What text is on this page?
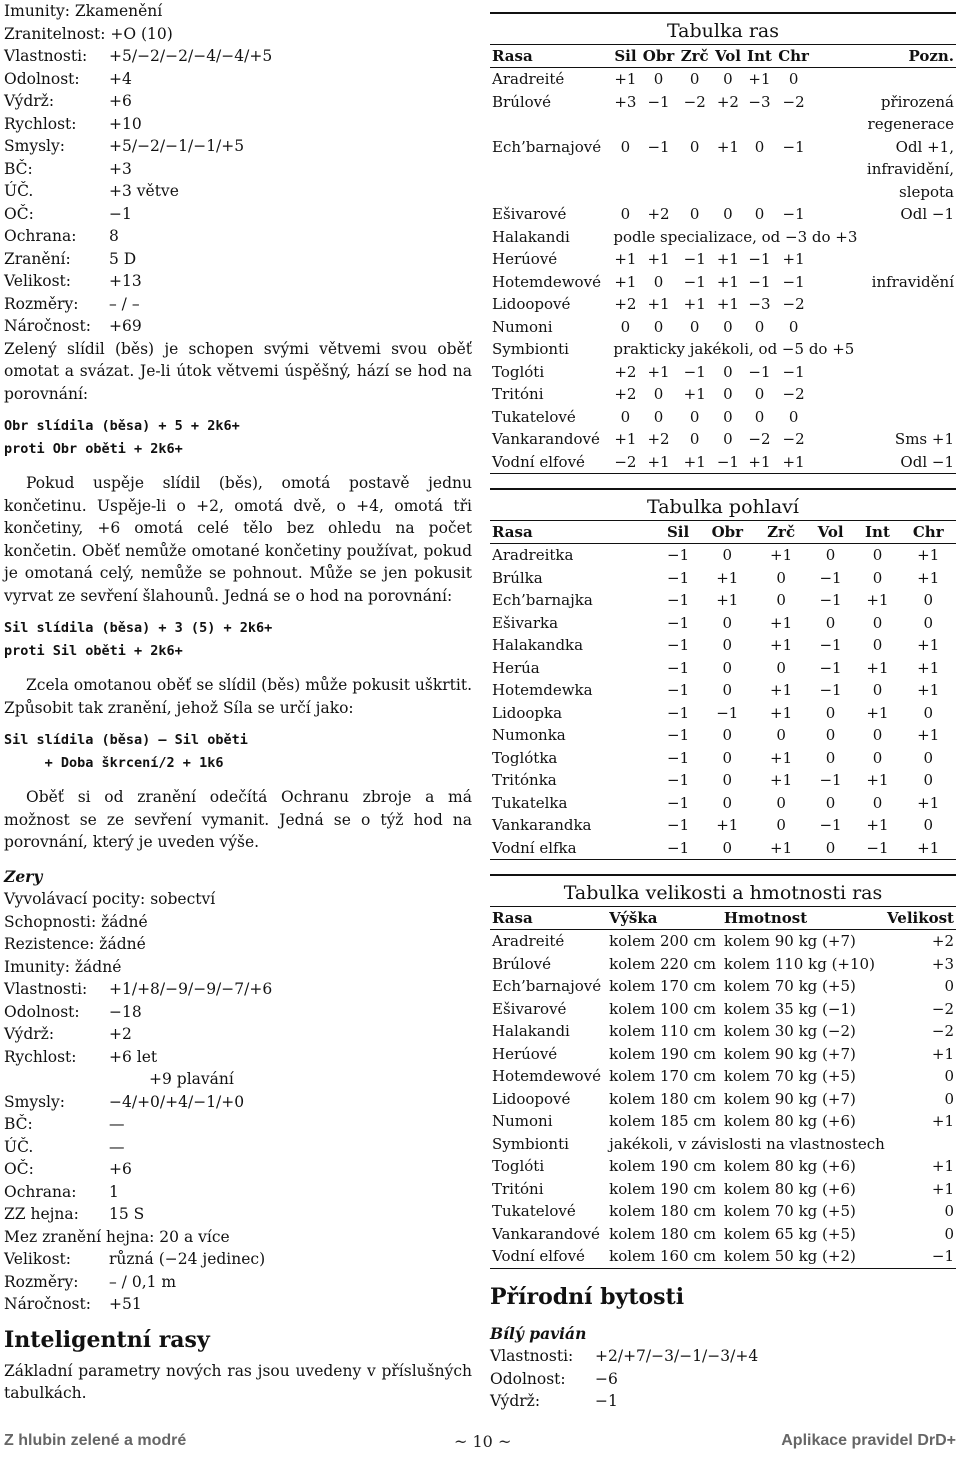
Imunity: Zkamenění
Zranitelnost: +O (10)
Vlastnosti:	+5/−2/−2/−4/−4/+5
Odolnost:	+4
Výdrž:	+6
Rychlost:	+10
Smysly:	+5/−2/−1/−1/+5
BČ:	+3
ÚČ.	+3 větve
OČ:	−1
Ochrana:	8
Zranění:	5 D
Velikost:	+13
Rozměry:	– / –
Náročnost:	+69

Zelený slídil (běs) je schopen svými větvemi svou oběť omotat a svázat. Je-li útok větvemi úspěšný, hází se hod na porovnání:

Obr slídila (běsa) + 5 + 2k6+
proti Obr oběti + 2k6+

Pokud uspěje slídil (běs), omotá postavě jednu končetinu. Uspěje-li o +2, omotá dvě, o +4, omotá tři končetiny, +6 omotá celé tělo bez ohledu na počet končetin. Oběť nemůže omotané končetiny používat, pokud je omotaná celý, nemůže se pohnout. Může se jen pokusit vyrvat ze sevření šlahounů. Jedná se o hod na porovnání:

Sil slídila (běsa) + 3 (5) + 2k6+
proti Sil oběti + 2k6+

Zcela omotanou oběť se slídil (běs) může pokusit uškrtit. Způsobit tak zranění, jehož Síla se určí jako:

Sil slídila (běsa) – Sil oběti
+ Doba škrcení/2 + 1k6

Oběť si od zranění odečítá Ochranu zbroje a má možnost se ze sevření vymanit. Jedná se o týž hod na porovnání, který je uveden výše.

Zery
Vyvolávací pocity: sobectví
Schopnosti: žádné
Rezistence: žádné
Imunity: žádné
Vlastnosti:	+1/+8/−9/−9/−7/+6
Odolnost:	−18
Výdrž:	+2
Rychlost:	+6 let
+9 plavání
Smysly:	−4/+0/+4/−1/+0
BČ:	—
ÚČ.	—
OČ:	+6
Ochrana:	1
ZZ hejna:	15 S
Mez zranění hejna: 20 a více
Velikost:	různá (−24 jedinec)
Rozměry:	– / 0,1 m
Náročnost:	+51
Inteligentní rasy

Základní parametry nových ras jsou uvedeny v příslušných tabulkách.

Tabulka ras
Rasa	Sil	Obr	Zrč	Vol	Int	Chr	Pozn.
Aradreité	+1	0	0	0	+1	0	
Brúlové	+3	−1	−2	+2	−3	−2	přirozená regenerace
Ech’barnajové	0	−1	0	+1	0	−1	Odl +1, infravidění, slepota
Ešivarové	0	+2	0	0	0	−1	Odl −1
Halakandi	podle specializace, od −3 do +3						
Herúové	+1	+1	−1	+1	−1	+1	
Hotemdewové	+1	0	−1	+1	−1	−1	infravidění
Lidoopové	+2	+1	+1	+1	−3	−2	
Numoni	0	0	0	0	0	0	
Symbionti	prakticky jakékoli, od −5 do +5						
Toglóti	+2	+1	−1	0	−1	−1	
Tritóni	+2	0	+1	0	0	−2	
Tukatelové	0	0	0	0	0	0	
Vankarandové	+1	+2	0	0	−2	−2	Sms +1
Vodní elfové	−2	+1	+1	−1	+1	+1	Odl −1
Tabulka pohlaví
Rasa	Sil	Obr	Zrč	Vol	Int	Chr
Aradreitka	−1	0	+1	0	0	+1
Brúlka	−1	+1	0	−1	0	+1
Ech’barnajka	−1	+1	0	−1	+1	0
Ešivarka	−1	0	+1	0	0	0
Halakandka	−1	0	+1	−1	0	+1
Herúa	−1	0	0	−1	+1	+1
Hotemdewka	−1	0	+1	−1	0	+1
Lidoopka	−1	−1	+1	0	+1	0
Numonka	−1	0	0	0	0	+1
Toglótka	−1	0	+1	0	0	0
Tritónka	−1	0	+1	−1	+1	0
Tukatelka	−1	0	0	0	0	+1
Vankarandka	−1	+1	0	−1	+1	0
Vodní elfka	−1	0	+1	0	−1	+1
Tabulka velikosti a hmotnosti ras
Rasa	Výška	Hmotnost	Velikost
Aradreité	kolem 200 cm	kolem 90 kg (+7)	+2
Brúlové	kolem 220 cm	kolem 110 kg (+10)	+3
Ech’barnajové	kolem 170 cm	kolem 70 kg (+5)	0
Ešivarové	kolem 100 cm	kolem 35 kg (−1)	−2
Halakandi	kolem 110 cm	kolem 30 kg (−2)	−2
Herúové	kolem 190 cm	kolem 90 kg (+7)	+1
Hotemdewové	kolem 170 cm	kolem 70 kg (+5)	0
Lidoopové	kolem 180 cm	kolem 90 kg (+7)	0
Numoni	kolem 185 cm	kolem 80 kg (+6)	+1
Symbionti	jakékoli, v závislosti na vlastnostech		
Toglóti	kolem 190 cm	kolem 80 kg (+6)	+1
Tritóni	kolem 190 cm	kolem 80 kg (+6)	+1
Tukatelové	kolem 180 cm	kolem 70 kg (+5)	0
Vankarandové	kolem 180 cm	kolem 65 kg (+5)	0
Vodní elfové	kolem 160 cm	kolem 50 kg (+2)	−1
Přírodní bytosti
Bílý pavián
Vlastnosti:	+2/+7/−3/−1/−3/+4
Odolnost:	−6
Výdrž:	−1
Z hlubin zelené a modré	~ 10 ~	Aplikace pravidel DrD+
